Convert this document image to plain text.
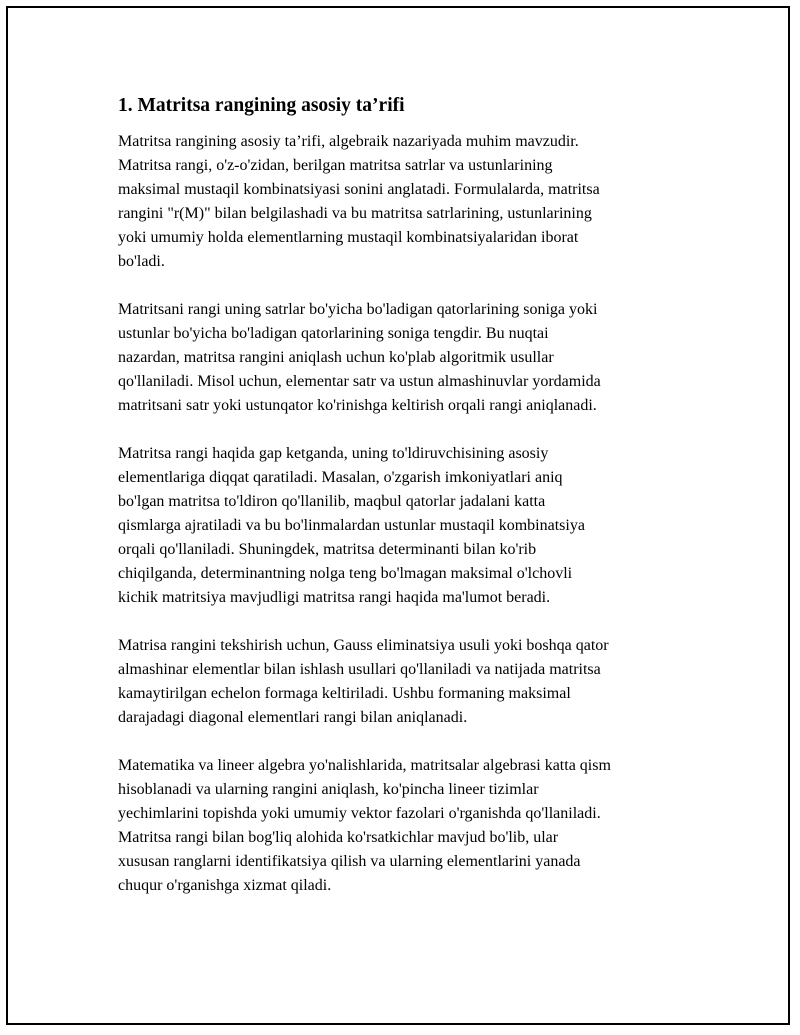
1. Matritsa rangining asosiy ta’rifi
Matritsa rangining asosiy ta’rifi, algebraik nazariyada muhim mavzudir.
Matritsa rangi, o'z-o'zidan, berilgan matritsa satrlar va ustunlarining
maksimal mustaqil kombinatsiyasi sonini anglatadi. Formulalarda, matritsa
rangini "r(M)" bilan belgilashadi va bu matritsa satrlarining, ustunlarining
yoki umumiy holda elementlarning mustaqil kombinatsiyalaridan iborat
bo'ladi.
Matritsani rangi uning satrlar bo'yicha bo'ladigan qatorlarining soniga yoki
ustunlar bo'yicha bo'ladigan qatorlarining soniga tengdir. Bu nuqtai
nazardan, matritsa rangini aniqlash uchun ko'plab algoritmik usullar
qo'llaniladi. Misol uchun, elementar satr va ustun almashinuvlar yordamida
matritsani satr yoki ustunqator ko'rinishga keltirish orqali rangi aniqlanadi.
Matritsa rangi haqida gap ketganda, uning to'ldiruvchisining asosiy
elementlariga diqqat qaratiladi. Masalan, o'zgarish imkoniyatlari aniq
bo'lgan matritsa to'ldiron qo'llanilib, maqbul qatorlar jadalani katta
qismlarga ajratiladi va bu bo'linmalardan ustunlar mustaqil kombinatsiya
orqali qo'llaniladi. Shuningdek, matritsa determinanti bilan ko'rib
chiqilganda, determinantning nolga teng bo'lmagan maksimal o'lchovli
kichik matritsiya mavjudligi matritsa rangi haqida ma'lumot beradi.
Matrisa rangini tekshirish uchun, Gauss eliminatsiya usuli yoki boshqa qator
almashinar elementlar bilan ishlash usullari qo'llaniladi va natijada matritsa
kamaytirilgan echelon formaga keltiriladi. Ushbu formaning maksimal
darajadagi diagonal elementlari rangi bilan aniqlanadi.
Matematika va lineer algebra yo'nalishlarida, matritsalar algebrasi katta qism
hisoblanadi va ularning rangini aniqlash, ko'pincha lineer tizimlar
yechimlarini topishda yoki umumiy vektor fazolari o'rganishda qo'llaniladi.
Matritsa rangi bilan bog'liq alohida ko'rsatkichlar mavjud bo'lib, ular
xususan ranglarni identifikatsiya qilish va ularning elementlarini yanada
chuqur o'rganishga xizmat qiladi.
